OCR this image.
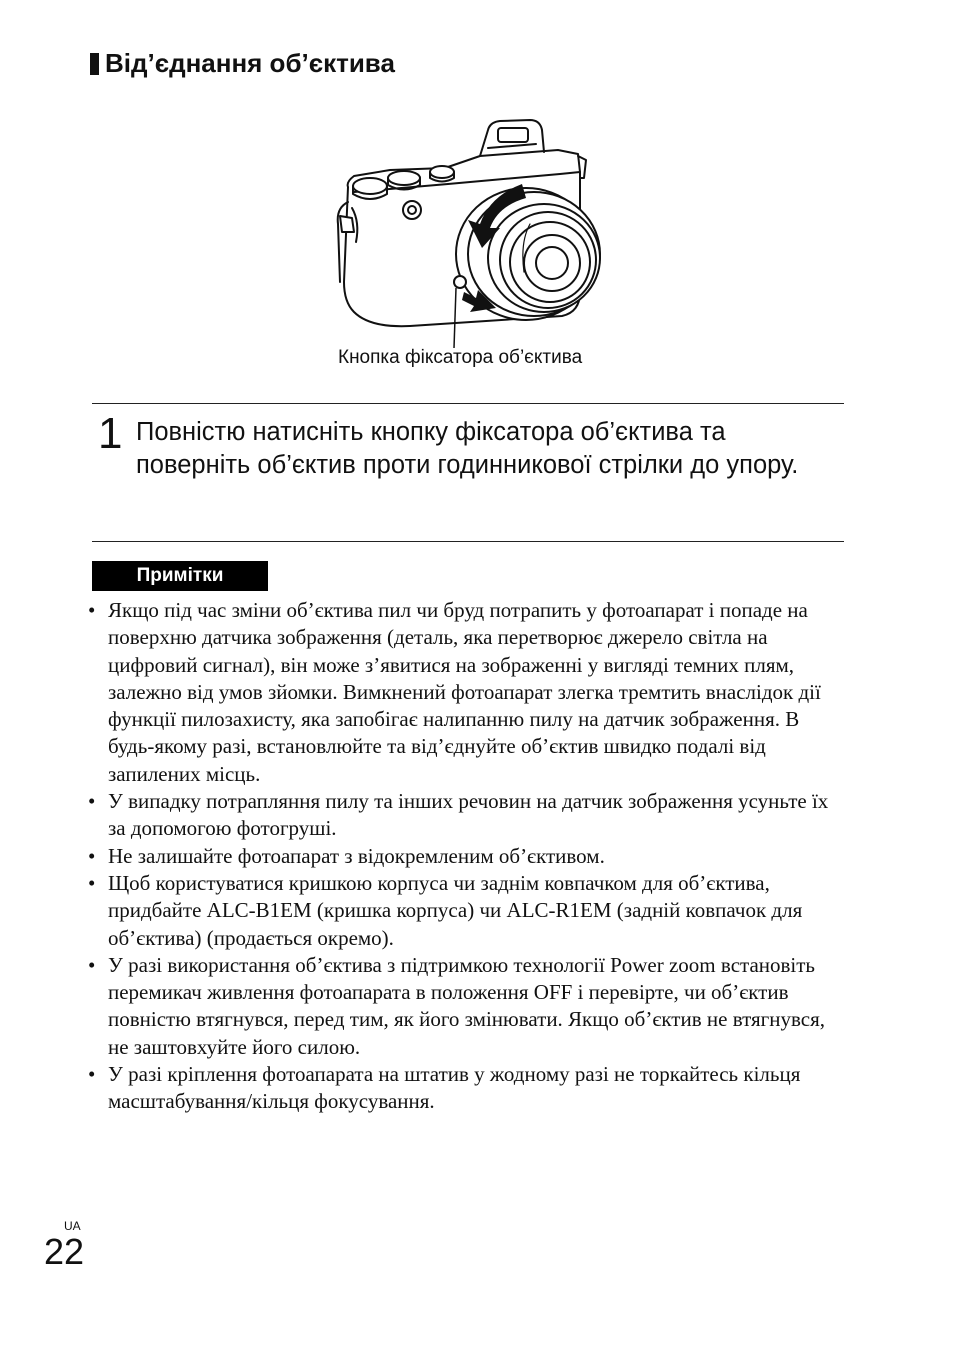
Від’єднання об’єктива
Кнопка фіксатора об’єктива
1 Повністю натисніть кнопку фіксатора об’єктива та поверніть об’єктив проти годинникової стрілки до упору.
Примітки
• Якщо під час зміни об’єктива пил чи бруд потрапить у фотоапарат і попаде на поверхню датчика зображення (деталь, яка перетворює джерело світла на цифровий сигнал), він може з’явитися на зображенні у вигляді темних плям, залежно від умов зйомки. Вимкнений фотоапарат злегка тремтить внаслідок дії функції пилозахисту, яка запобігає налипанню пилу на датчик зображення. В будь-якому разі, встановлюйте та від’єднуйте об’єктив швидко подалі від запилених місць.
• У випадку потрапляння пилу та інших речовин на датчик зображення усуньте їх за допомогою фотогруші.
• Не залишайте фотоапарат з відокремленим об’єктивом.
• Щоб користуватися кришкою корпуса чи заднім ковпачком для об’єктива, придбайте ALC-B1EM (кришка корпуса) чи ALC-R1EM (задній ковпачок для об’єктива) (продається окремо).
• У разі використання об’єктива з підтримкою технології Power zoom встановіть перемикач живлення фотоапарата в положення OFF і перевірте, чи об’єктив повністю втягнувся, перед тим, як його змінювати. Якщо об’єктив не втягнувся, не заштовхуйте його силою.
• У разі кріплення фотоапарата на штатив у жодному разі не торкайтесь кільця масштабування/кільця фокусування.
UA
22
